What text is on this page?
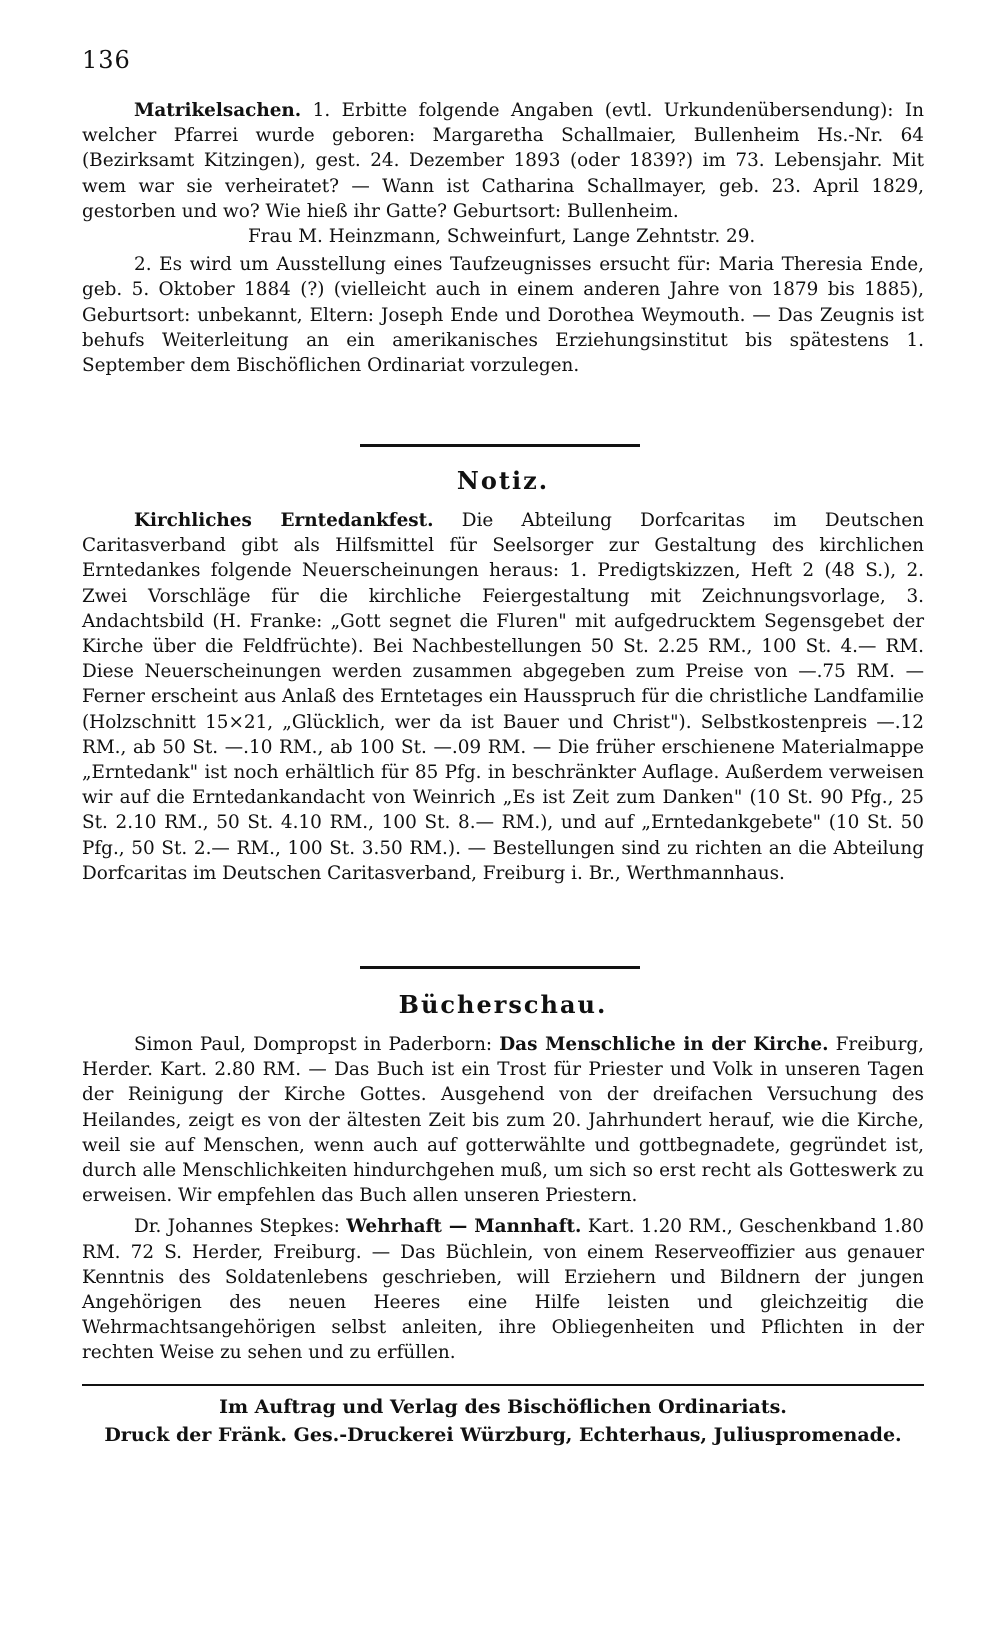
136

Matrikelsachen. 1. Erbitte folgende Angaben (evtl. Urkundenübersendung): In welcher Pfarrei wurde geboren: Margaretha Schallmaier, Bullenheim Hs.-Nr. 64 (Bezirksamt Kitzingen), gest. 24. Dezember 1893 (oder 1839?) im 73. Lebensjahr. Mit wem war sie verheiratet? — Wann ist Catharina Schallmayer, geb. 23. April 1829, gestorben und wo? Wie hieß ihr Gatte? Geburtsort: Bullenheim.

Frau M. Heinzmann, Schweinfurt, Lange Zehntstr. 29.

2. Es wird um Ausstellung eines Taufzeugnisses ersucht für: Maria Theresia Ende, geb. 5. Oktober 1884 (?) (vielleicht auch in einem anderen Jahre von 1879 bis 1885), Geburtsort: unbekannt, Eltern: Joseph Ende und Dorothea Weymouth. — Das Zeugnis ist behufs Weiterleitung an ein amerikanisches Erziehungsinstitut bis spätestens 1. September dem Bischöflichen Ordinariat vorzulegen.

Notiz.

Kirchliches Erntedankfest. Die Abteilung Dorfcaritas im Deutschen Caritasverband gibt als Hilfsmittel für Seelsorger zur Gestaltung des kirchlichen Erntedankes folgende Neuerscheinungen heraus: 1. Predigtskizzen, Heft 2 (48 S.), 2. Zwei Vorschläge für die kirchliche Feiergestaltung mit Zeichnungsvorlage, 3. Andachtsbild (H. Franke: „Gott segnet die Fluren" mit aufgedrucktem Segensgebet der Kirche über die Feldfrüchte). Bei Nachbestellungen 50 St. 2.25 RM., 100 St. 4.— RM. Diese Neuerscheinungen werden zusammen abgegeben zum Preise von —.75 RM. — Ferner erscheint aus Anlaß des Erntetages ein Hausspruch für die christliche Landfamilie (Holzschnitt 15×21, „Glücklich, wer da ist Bauer und Christ"). Selbstkostenpreis —.12 RM., ab 50 St. —.10 RM., ab 100 St. —.09 RM. — Die früher erschienene Materialmappe „Erntedank" ist noch erhältlich für 85 Pfg. in beschränkter Auflage. Außerdem verweisen wir auf die Erntedankandacht von Weinrich „Es ist Zeit zum Danken" (10 St. 90 Pfg., 25 St. 2.10 RM., 50 St. 4.10 RM., 100 St. 8.— RM.), und auf „Erntedankgebete" (10 St. 50 Pfg., 50 St. 2.— RM., 100 St. 3.50 RM.). — Bestellungen sind zu richten an die Abteilung Dorfcaritas im Deutschen Caritasverband, Freiburg i. Br., Werthmannhaus.

Bücherschau.

Simon Paul, Dompropst in Paderborn: Das Menschliche in der Kirche. Freiburg, Herder. Kart. 2.80 RM. — Das Buch ist ein Trost für Priester und Volk in unseren Tagen der Reinigung der Kirche Gottes. Ausgehend von der dreifachen Versuchung des Heilandes, zeigt es von der ältesten Zeit bis zum 20. Jahrhundert herauf, wie die Kirche, weil sie auf Menschen, wenn auch auf gotterwählte und gottbegnadete, gegründet ist, durch alle Menschlichkeiten hindurchgehen muß, um sich so erst recht als Gotteswerk zu erweisen. Wir empfehlen das Buch allen unseren Priestern.

Dr. Johannes Stepkes: Wehrhaft — Mannhaft. Kart. 1.20 RM., Geschenkband 1.80 RM. 72 S. Herder, Freiburg. — Das Büchlein, von einem Reserveoffizier aus genauer Kenntnis des Soldatenlebens geschrieben, will Erziehern und Bildnern der jungen Angehörigen des neuen Heeres eine Hilfe leisten und gleichzeitig die Wehrmachtsangehörigen selbst anleiten, ihre Obliegenheiten und Pflichten in der rechten Weise zu sehen und zu erfüllen.

Im Auftrag und Verlag des Bischöflichen Ordinariats.
Druck der Fränk. Ges.-Druckerei Würzburg, Echterhaus, Juliuspromenade.
